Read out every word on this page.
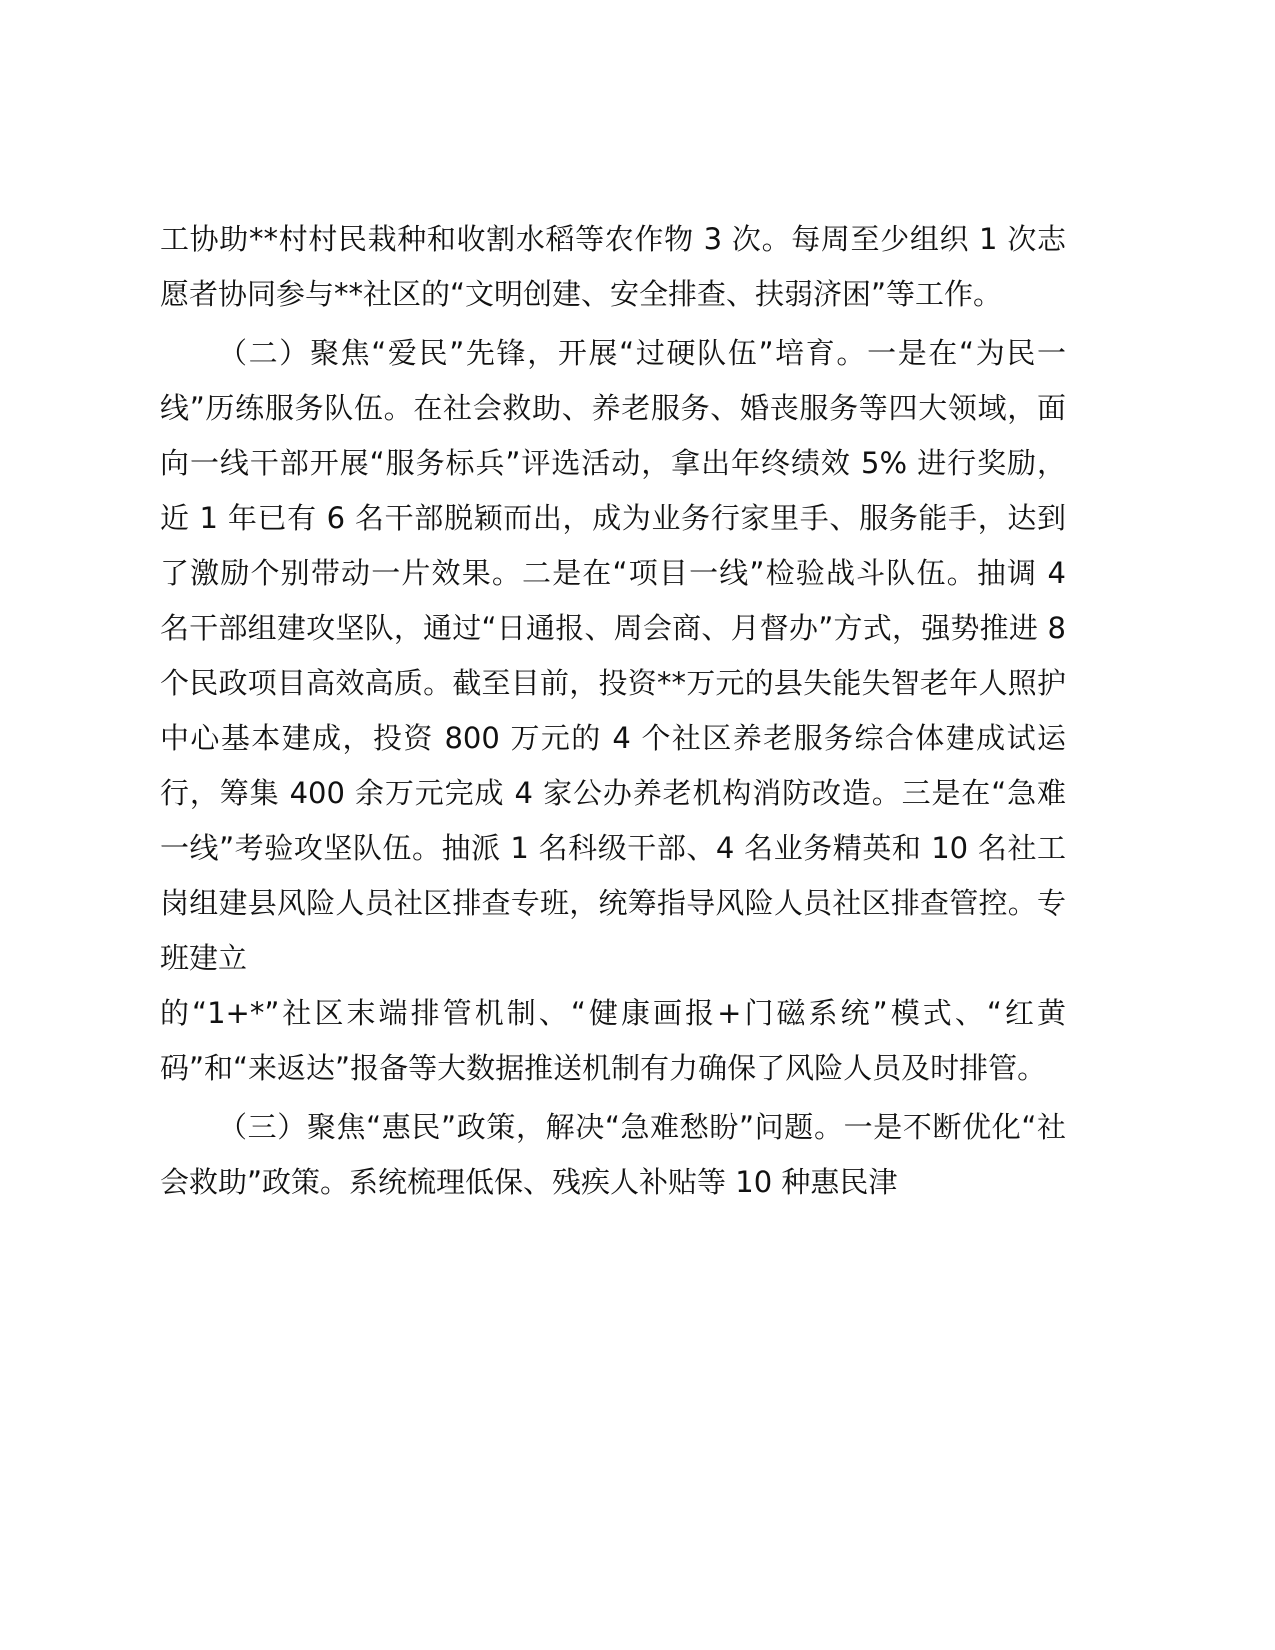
工协助**村村民栽种和收割水稻等农作物 3 次。每周至少组织 1 次志愿者协同参与**社区的“文明创建、安全排查、扶弱济困”等工作。

（二）聚焦“爱民”先锋，开展“过硬队伍”培育。一是在“为民一线”历练服务队伍。在社会救助、养老服务、婚丧服务等四大领域，面向一线干部开展“服务标兵”评选活动，拿出年终绩效 5% 进行奖励，近 1 年已有 6 名干部脱颖而出，成为业务行家里手、服务能手，达到了激励个别带动一片效果。二是在“项目一线”检验战斗队伍。抽调 4 名干部组建攻坚队，通过“日通报、周会商、月督办”方式，强势推进 8 个民政项目高效高质。截至目前，投资**万元的县失能失智老年人照护中心基本建成，投资 800 万元的 4 个社区养老服务综合体建成试运行，筹集 400 余万元完成 4 家公办养老机构消防改造。三是在“急难一线”考验攻坚队伍。抽派 1 名科级干部、4 名业务精英和 10 名社工岗组建县风险人员社区排查专班，统筹指导风险人员社区排查管控。专班建立
的“1+*”社区末端排管机制、“健康画报+门磁系统”模式、“红黄码”和“来返达”报备等大数据推送机制有力确保了风险人员及时排管。

（三）聚焦“惠民”政策，解决“急难愁盼”问题。一是不断优化“社会救助”政策。系统梳理低保、残疾人补贴等 10 种惠民津
